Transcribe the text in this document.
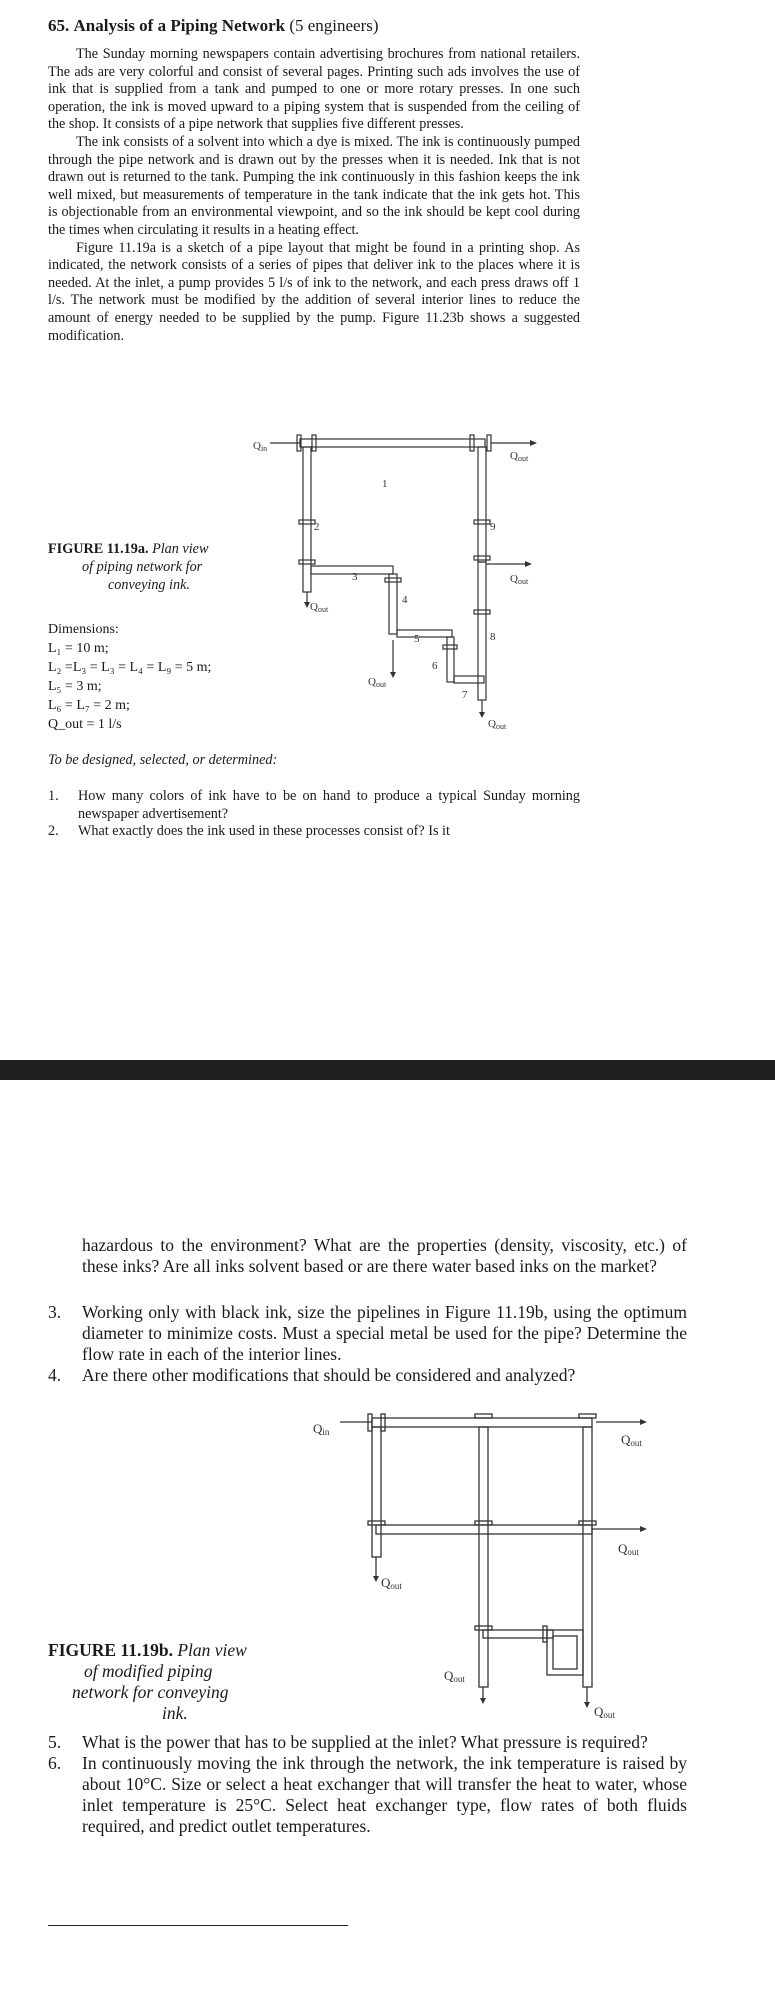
65. Analysis of a Piping Network (5 engineers)

The Sunday morning newspapers contain advertising brochures from national retailers. The ads are very colorful and consist of several pages. Printing such ads involves the use of ink that is supplied from a tank and pumped to one or more rotary presses. In one such operation, the ink is moved upward to a piping system that is suspended from the ceiling of the shop. It consists of a pipe network that supplies five different presses.

The ink consists of a solvent into which a dye is mixed. The ink is continuously pumped through the pipe network and is drawn out by the presses when it is needed. Ink that is not drawn out is returned to the tank. Pumping the ink continuously in this fashion keeps the ink well mixed, but measurements of temperature in the tank indicate that the ink gets hot. This is objectionable from an environmental viewpoint, and so the ink should be kept cool during the times when circulating it results in a heating effect.

Figure 11.19a is a sketch of a pipe layout that might be found in a printing shop. As indicated, the network consists of a series of pipes that deliver ink to the places where it is needed. At the inlet, a pump provides 5 l/s of ink to the network, and each press draws off 1 l/s. The network must be modified by the addition of several interior lines to reduce the amount of energy needed to be supplied by the pump. Figure 11.23b shows a suggested modification.

FIGURE 11.19a. Plan view
of piping network for
conveying ink.
Dimensions:
L₁ = 10 m;
L₂ =L₃ = L₃ = L₄ = L₉ = 5 m;
L₅ = 3 m;
L₆ = L₇ = 2 m;
Q_out = 1 l/s
Qin
Qout
Qout
Qout
Qout
Qout
1
2
3
4
5
6
7
8
9
To be designed, selected, or determined:
1. How many colors of ink have to be on hand to produce a typical Sunday morning newspaper advertisement?
2. What exactly does the ink used in these processes consist of? Is it
hazardous to the environment? What are the properties (density, viscosity, etc.) of these inks? Are all inks solvent based or are there water based inks on the market?
3. Working only with black ink, size the pipelines in Figure 11.19b, using the optimum diameter to minimize costs. Must a special metal be used for the pipe? Determine the flow rate in each of the interior lines.
4. Are there other modifications that should be considered and analyzed?
FIGURE 11.19b. Plan view
of modified piping
network for conveying
ink.
Qin	Qout
Qout
Qout
Qout
Qout
5. What is the power that has to be supplied at the inlet? What pressure is required?
6. In continuously moving the ink through the network, the ink temperature is raised by about 10°C. Size or select a heat exchanger that will transfer the heat to water, whose inlet temperature is 25°C. Select heat exchanger type, flow rates of both fluids required, and predict outlet temperatures.
